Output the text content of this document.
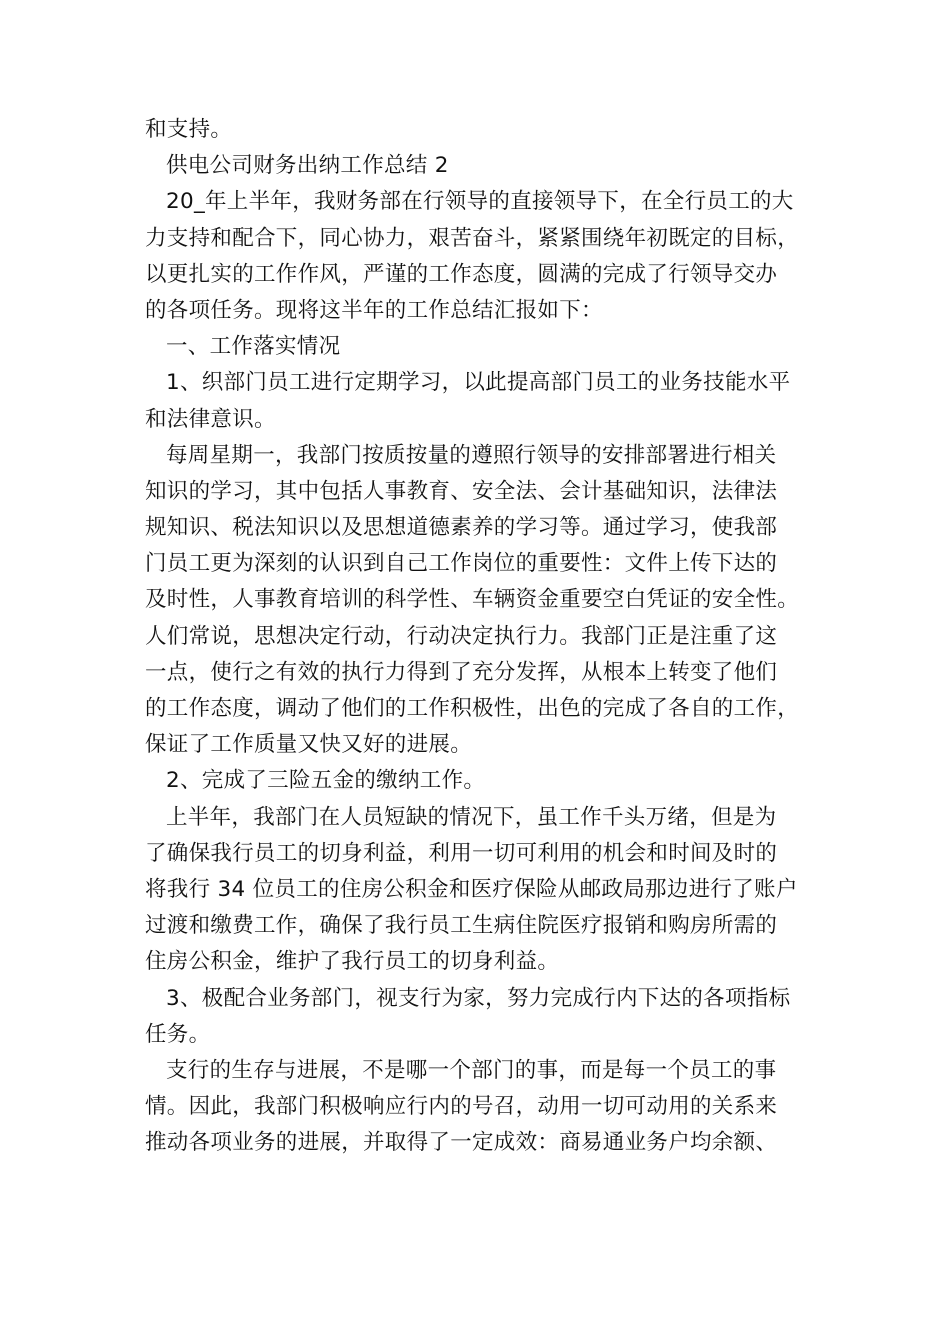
和支持。
供电公司财务出纳工作总结 2
20_年上半年，我财务部在行领导的直接领导下，在全行员工的大
力支持和配合下，同心协力，艰苦奋斗，紧紧围绕年初既定的目标，
以更扎实的工作作风，严谨的工作态度，圆满的完成了行领导交办
的各项任务。现将这半年的工作总结汇报如下：
一、工作落实情况
1、织部门员工进行定期学习，以此提高部门员工的业务技能水平
和法律意识。
每周星期一，我部门按质按量的遵照行领导的安排部署进行相关
知识的学习，其中包括人事教育、安全法、会计基础知识，法律法
规知识、税法知识以及思想道德素养的学习等。通过学习，使我部
门员工更为深刻的认识到自己工作岗位的重要性：文件上传下达的
及时性，人事教育培训的科学性、车辆资金重要空白凭证的安全性。
人们常说，思想决定行动，行动决定执行力。我部门正是注重了这
一点，使行之有效的执行力得到了充分发挥，从根本上转变了他们
的工作态度，调动了他们的工作积极性，出色的完成了各自的工作，
保证了工作质量又快又好的进展。
2、完成了三险五金的缴纳工作。
上半年，我部门在人员短缺的情况下，虽工作千头万绪，但是为
了确保我行员工的切身利益，利用一切可利用的机会和时间及时的
将我行 34 位员工的住房公积金和医疗保险从邮政局那边进行了账户
过渡和缴费工作，确保了我行员工生病住院医疗报销和购房所需的
住房公积金，维护了我行员工的切身利益。
3、极配合业务部门，视支行为家，努力完成行内下达的各项指标
任务。
支行的生存与进展，不是哪一个部门的事，而是每一个员工的事
情。因此，我部门积极响应行内的号召，动用一切可动用的关系来
推动各项业务的进展，并取得了一定成效：商易通业务户均余额、
